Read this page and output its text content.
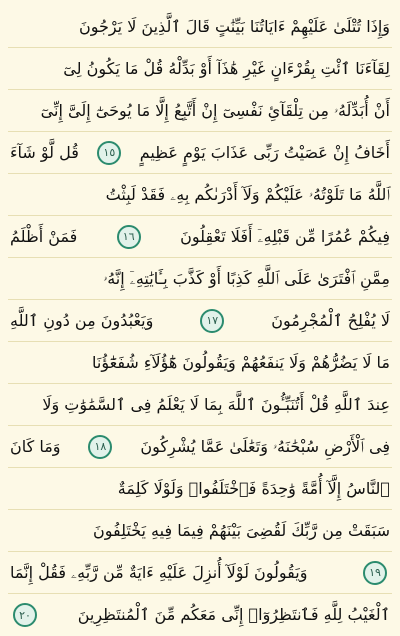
وَإِذَا تُتْلَىٰ عَلَيْهِمْ ءَايَاتُنَا بَيِّنَٰتٍ قَالَ ٱلَّذِينَ لَا يَرْجُونَ
لِقَآءَنَا ٱئْتِ بِقُرْءَانٍ غَيْرِ هَٰذَآ أَوْ بَدِّلْهُ قُلْ مَا يَكُونُ لِىٓ
أَنْ أُبَدِّلَهُۥ مِن تِلْقَآئِ نَفْسِىٓ إِنْ أَتَّبِعُ إِلَّا مَا يُوحَىٰٓ إِلَىَّ إِنِّىٓ
أَخَافُ إِنْ عَصَيْتُ رَبِّى عَذَابَ يَوْمٍ عَظِيمٍ
١٥
قُل لَّوْ شَآءَ
ٱللَّهُ مَا تَلَوْتُهُۥ عَلَيْكُمْ وَلَآ أَدْرَىٰكُم بِهِۦ فَقَدْ لَبِثْتُ
فِيكُمْ عُمُرًا مِّن قَبْلِهِۦٓ أَفَلَا تَعْقِلُونَ
١٦
فَمَنْ أَظْلَمُ
مِمَّنِ ٱفْتَرَىٰ عَلَى ٱللَّهِ كَذِبًا أَوْ كَذَّبَ بِـَٔايَٰتِهِۦٓ إِنَّهُۥ
لَا يُفْلِحُ ٱلْمُجْرِمُونَ
١٧
وَيَعْبُدُونَ مِن دُونِ ٱللَّهِ
مَا لَا يَضُرُّهُمْ وَلَا يَنفَعُهُمْ وَيَقُولُونَ هَٰٓؤُلَآءِ شُفَعَٰٓؤُنَا
عِندَ ٱللَّهِ قُلْ أَتُنَبِّـُٔونَ ٱللَّهَ بِمَا لَا يَعْلَمُ فِى ٱلسَّمَٰوَٰتِ وَلَا
فِى ٱلْأَرْضِ سُبْحَٰنَهُۥ وَتَعَٰلَىٰ عَمَّا يُشْرِكُونَ
١٨
وَمَا كَانَ
ٱلنَّاسُ إِلَّآ أُمَّةً وَٰحِدَةً فَٱخْتَلَفُوا۟ وَلَوْلَا كَلِمَةٌ
سَبَقَتْ مِن رَّبِّكَ لَقُضِىَ بَيْنَهُمْ فِيمَا فِيهِ يَخْتَلِفُونَ
١٩
وَيَقُولُونَ لَوْلَآ أُنزِلَ عَلَيْهِ ءَايَةٌ مِّن رَّبِّهِۦ فَقُلْ إِنَّمَا
ٱلْغَيْبُ لِلَّهِ فَٱنتَظِرُوٓا۟ إِنِّى مَعَكُم مِّنَ ٱلْمُنتَظِرِينَ
٢٠
